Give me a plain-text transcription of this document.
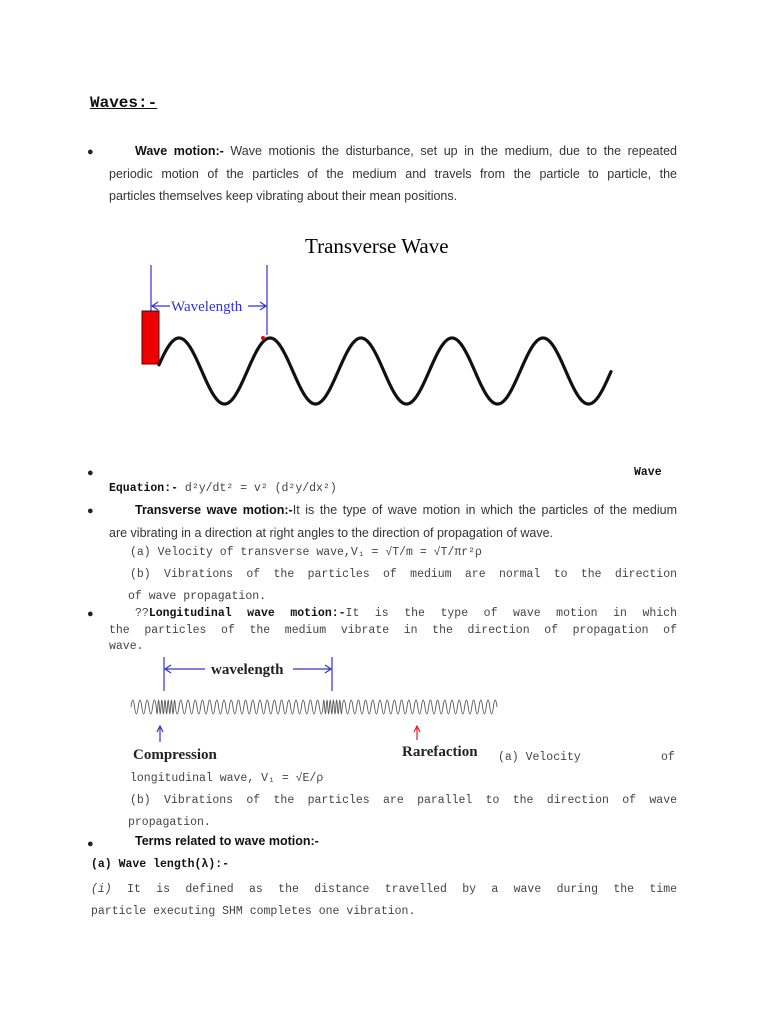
Waves:-
●	Wave motion:- Wave motionis the disturbance, set up in the medium, due to the repeated
periodic motion of the particles of the medium and travels from the particle to particle, the
particles themselves keep vibrating about their mean positions.
Transverse Wave
Wavelength
●	Wave
Equation:- d²y/dt² = v² (d²y/dx²)
●	Transverse wave motion:-It is the type of wave motion in which the particles of the medium
are vibrating in a direction at right angles to the direction of propagation of wave.
(a) Velocity of transverse wave,V₁ = √T/m = √T/πr²ρ
(b) Vibrations of the particles of medium are normal to the direction
of wave propagation.
●	??Longitudinal wave motion:-It is the type of wave motion in which
the particles of the medium vibrate in the direction of propagation of
wave.
wavelength
Compression	Rarefaction (a) Velocity	of
longitudinal wave, V₁ = √E/ρ
(b) Vibrations of the particles are parallel to the direction of wave
propagation.
●	Terms related to wave motion:-
(a) Wave length(λ):-
(i) It is defined as the distance travelled by a wave during the time
particle executing SHM completes one vibration.
